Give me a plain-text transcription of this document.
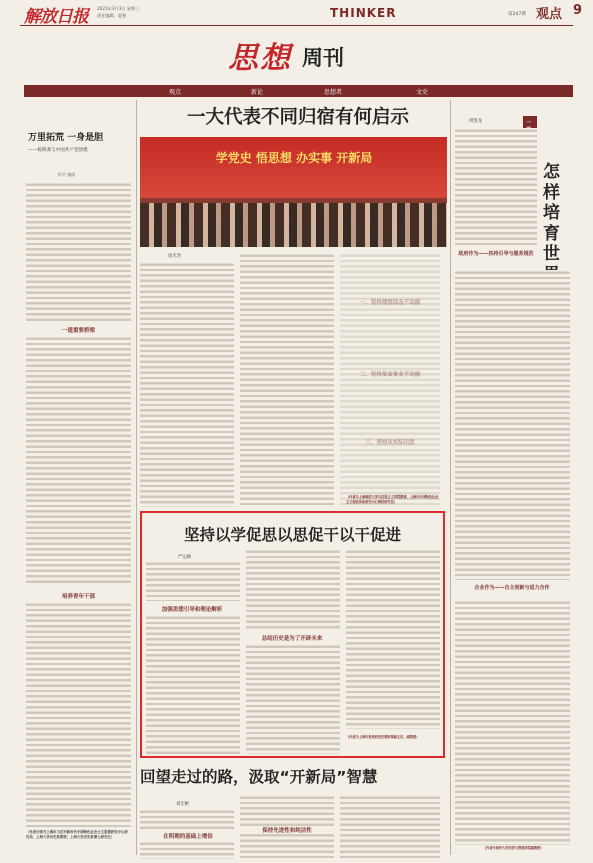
解放日报 2021年3月3日 星期三
责任编辑：夏斐	THINKER	第247期 观点 9
思想 周刊
观点	新论	思想者	文史
万里拓荒 一身是胆
——杨明斋与中国共产党创建
忻平 杨阳
一道重要桥梁
培养青年干部
（作者分别为上海市习近平新时代中国特色社会主义思想研究中心研究员、上海大学历史系教授；上海大学历史系博士研究生）
一大代表不同归宿有何启示
学党史 悟思想 办实事 开新局
徐光寿
（作者为上海师范大学马克思主义学院教授、上海市中国特色社会主义理论体系研究中心特约研究员）
坚持以学促思以思促干以干促进
严运楠
加强思想引导和理论解析
总结历史是为了开辟未来
（作者为上海市委党校党史教研部副主任、副教授）
回望走过的路，汲取“开新局”智慧
刘宏彬
在明理的基础上增信
保持先进性和纯洁性
一
怎样培育世
周凯龙
政府作为——扶持引导与服务規范
企业作为——自主创新与适力合作
（作者为同济大学经济与管理学院副教授）
